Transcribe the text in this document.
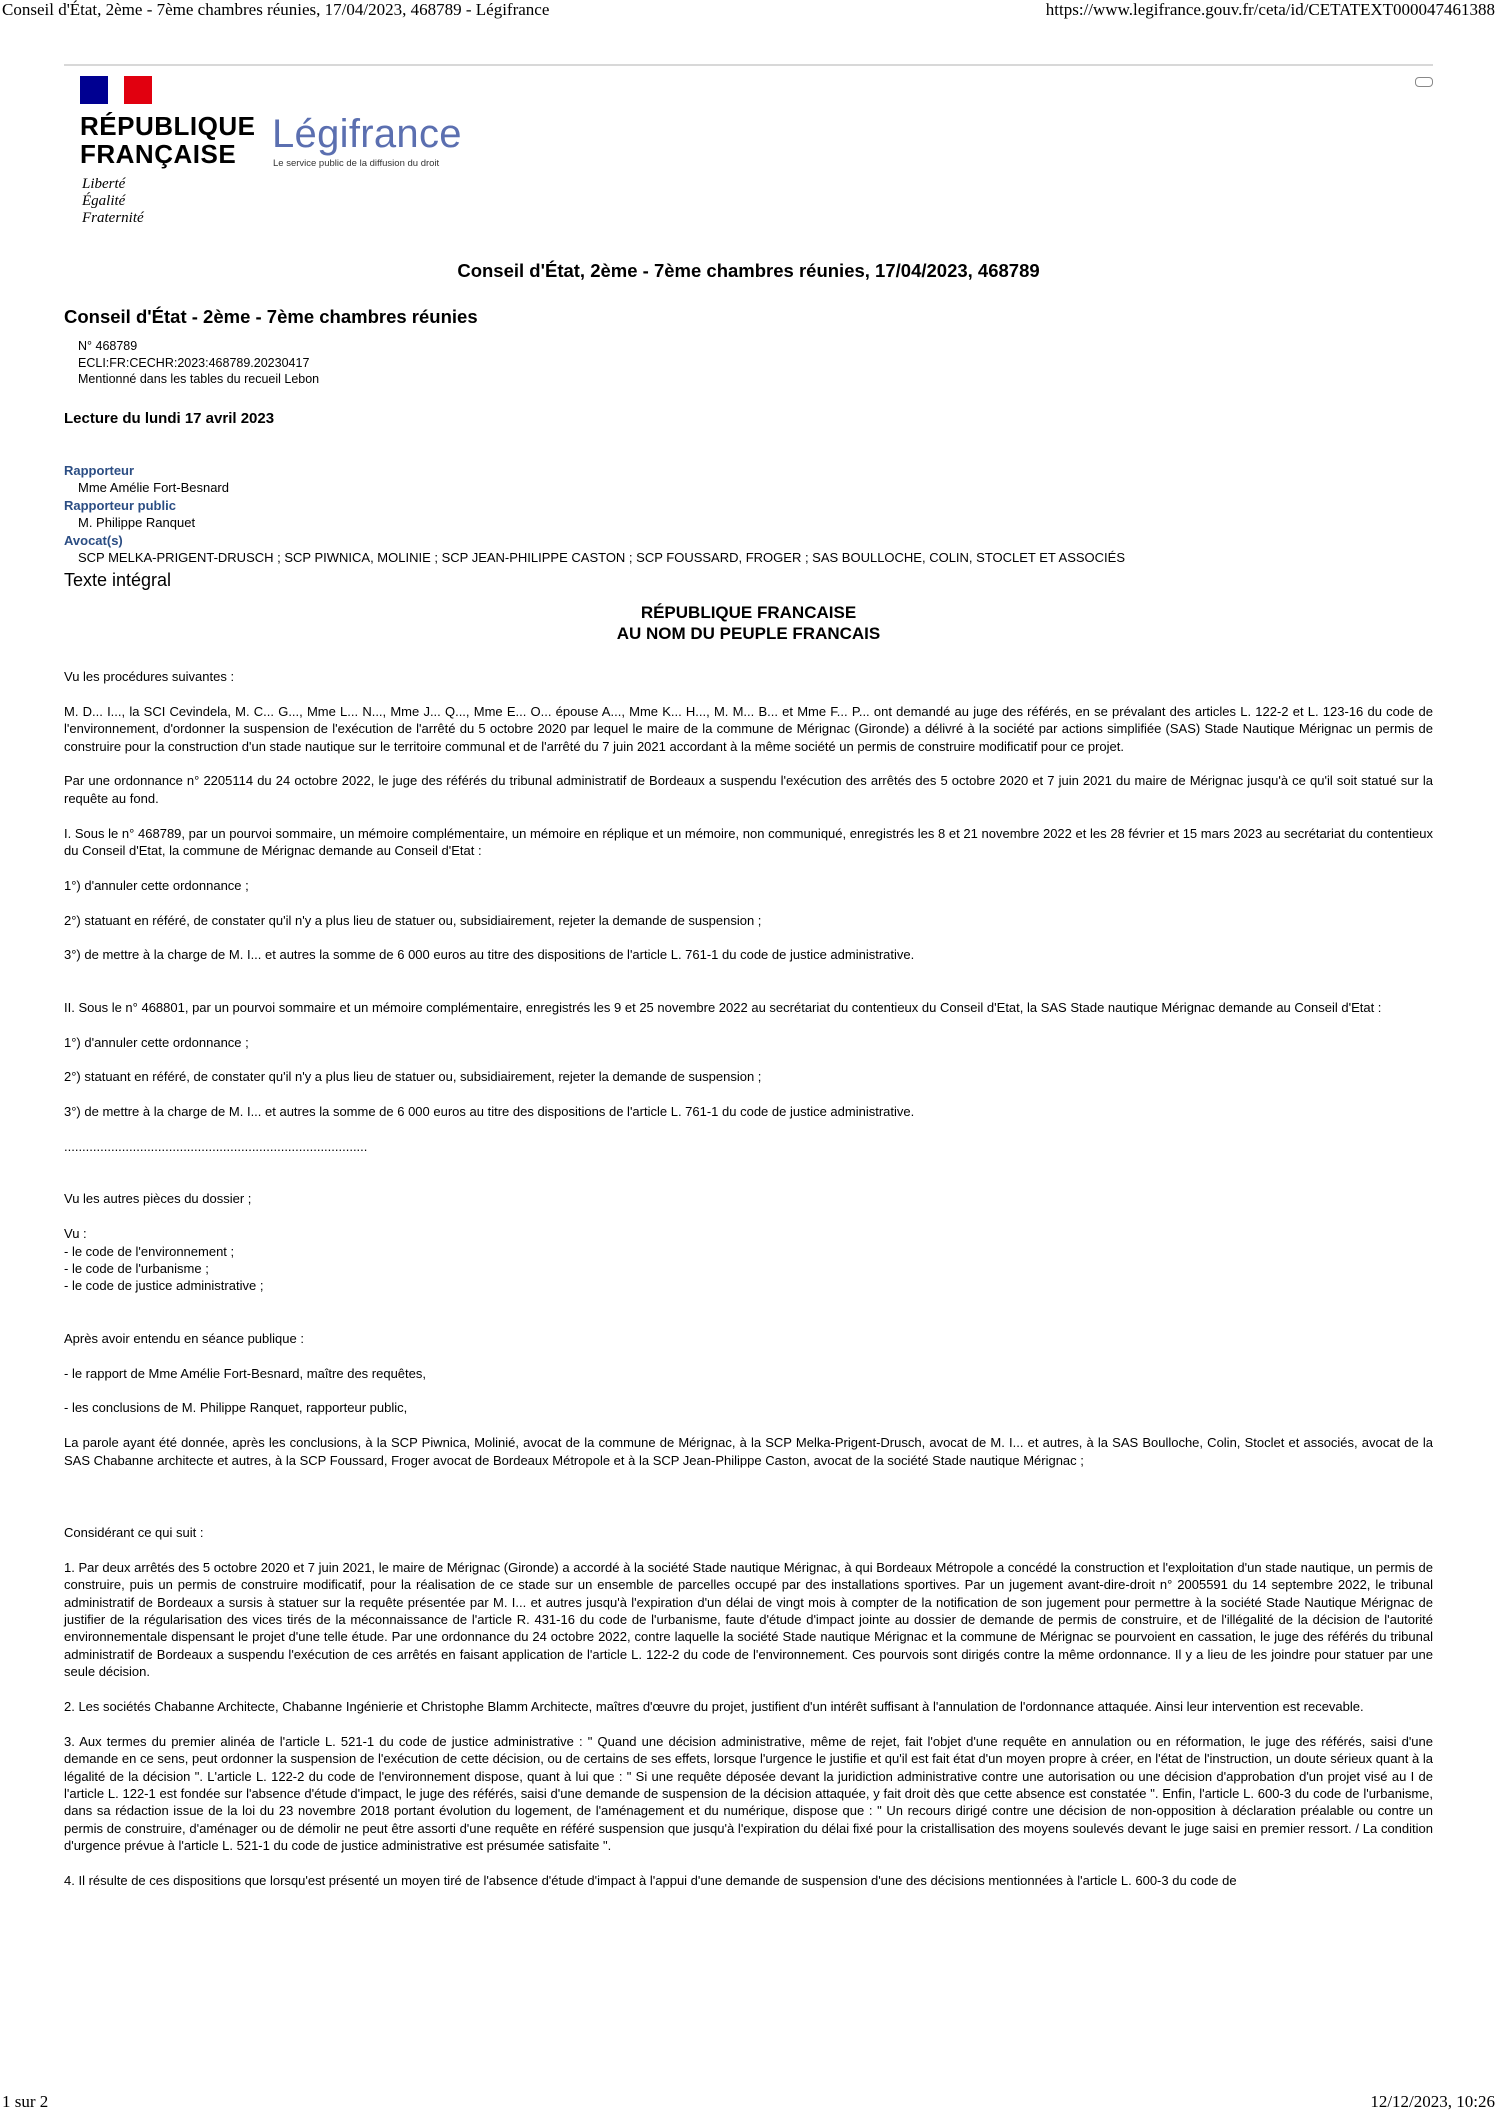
Conseil d'État, 2ème - 7ème chambres réunies, 17/04/2023, 468789 - Légifrance	https://www.legifrance.gouv.fr/ceta/id/CETATEXT000047461388
RÉPUBLIQUE
FRANÇAISE
Liberté
Égalité
Fraternité
Légifrance
Le service public de la diffusion du droit
Conseil d'État, 2ème - 7ème chambres réunies, 17/04/2023, 468789
Conseil d'État - 2ème - 7ème chambres réunies
N° 468789
ECLI:FR:CECHR:2023:468789.20230417
Mentionné dans les tables du recueil Lebon
Lecture du lundi 17 avril 2023
Rapporteur
Mme Amélie Fort-Besnard
Rapporteur public
M. Philippe Ranquet
Avocat(s)
SCP MELKA-PRIGENT-DRUSCH ; SCP PIWNICA, MOLINIE ; SCP JEAN-PHILIPPE CASTON ; SCP FOUSSARD, FROGER ; SAS BOULLOCHE, COLIN, STOCLET ET ASSOCIÉS
Texte intégral
RÉPUBLIQUE FRANCAISE
AU NOM DU PEUPLE FRANCAIS

Vu les procédures suivantes :

M. D... I..., la SCI Cevindela, M. C... G..., Mme L... N..., Mme J... Q..., Mme E... O... épouse A..., Mme K... H..., M. M... B... et Mme F... P... ont demandé au juge des référés, en se prévalant des articles L. 122-2 et L. 123-16 du code de l'environnement, d'ordonner la suspension de l'exécution de l'arrêté du 5 octobre 2020 par lequel le maire de la commune de Mérignac (Gironde) a délivré à la société par actions simplifiée (SAS) Stade Nautique Mérignac un permis de construire pour la construction d'un stade nautique sur le territoire communal et de l'arrêté du 7 juin 2021 accordant à la même société un permis de construire modificatif pour ce projet.

Par une ordonnance n° 2205114 du 24 octobre 2022, le juge des référés du tribunal administratif de Bordeaux a suspendu l'exécution des arrêtés des 5 octobre 2020 et 7 juin 2021 du maire de Mérignac jusqu'à ce qu'il soit statué sur la requête au fond.

I. Sous le n° 468789, par un pourvoi sommaire, un mémoire complémentaire, un mémoire en réplique et un mémoire, non communiqué, enregistrés les 8 et 21 novembre 2022 et les 28 février et 15 mars 2023 au secrétariat du contentieux du Conseil d'Etat, la commune de Mérignac demande au Conseil d'Etat :

1°) d'annuler cette ordonnance ;

2°) statuant en référé, de constater qu'il n'y a plus lieu de statuer ou, subsidiairement, rejeter la demande de suspension ;

3°) de mettre à la charge de M. I... et autres la somme de 6 000 euros au titre des dispositions de l'article L. 761-1 du code de justice administrative.

II. Sous le n° 468801, par un pourvoi sommaire et un mémoire complémentaire, enregistrés les 9 et 25 novembre 2022 au secrétariat du contentieux du Conseil d'Etat, la SAS Stade nautique Mérignac demande au Conseil d'Etat :

1°) d'annuler cette ordonnance ;

2°) statuant en référé, de constater qu'il n'y a plus lieu de statuer ou, subsidiairement, rejeter la demande de suspension ;

3°) de mettre à la charge de M. I... et autres la somme de 6 000 euros au titre des dispositions de l'article L. 761-1 du code de justice administrative.

....................................................................................

Vu les autres pièces du dossier ;

Vu :
- le code de l'environnement ;
- le code de l'urbanisme ;
- le code de justice administrative ;

Après avoir entendu en séance publique :

- le rapport de Mme Amélie Fort-Besnard, maître des requêtes,

- les conclusions de M. Philippe Ranquet, rapporteur public,

La parole ayant été donnée, après les conclusions, à la SCP Piwnica, Molinié, avocat de la commune de Mérignac, à la SCP Melka-Prigent-Drusch, avocat de M. I... et autres, à la SAS Boulloche, Colin, Stoclet et associés, avocat de la SAS Chabanne architecte et autres, à la SCP Foussard, Froger avocat de Bordeaux Métropole et à la SCP Jean-Philippe Caston, avocat de la société Stade nautique Mérignac ;

Considérant ce qui suit :

1. Par deux arrêtés des 5 octobre 2020 et 7 juin 2021, le maire de Mérignac (Gironde) a accordé à la société Stade nautique Mérignac, à qui Bordeaux Métropole a concédé la construction et l'exploitation d'un stade nautique, un permis de construire, puis un permis de construire modificatif, pour la réalisation de ce stade sur un ensemble de parcelles occupé par des installations sportives. Par un jugement avant-dire-droit n° 2005591 du 14 septembre 2022, le tribunal administratif de Bordeaux a sursis à statuer sur la requête présentée par M. I... et autres jusqu'à l'expiration d'un délai de vingt mois à compter de la notification de son jugement pour permettre à la société Stade Nautique Mérignac de justifier de la régularisation des vices tirés de la méconnaissance de l'article R. 431-16 du code de l'urbanisme, faute d'étude d'impact jointe au dossier de demande de permis de construire, et de l'illégalité de la décision de l'autorité environnementale dispensant le projet d'une telle étude. Par une ordonnance du 24 octobre 2022, contre laquelle la société Stade nautique Mérignac et la commune de Mérignac se pourvoient en cassation, le juge des référés du tribunal administratif de Bordeaux a suspendu l'exécution de ces arrêtés en faisant application de l'article L. 122-2 du code de l'environnement. Ces pourvois sont dirigés contre la même ordonnance. Il y a lieu de les joindre pour statuer par une seule décision.

2. Les sociétés Chabanne Architecte, Chabanne Ingénierie et Christophe Blamm Architecte, maîtres d'œuvre du projet, justifient d'un intérêt suffisant à l'annulation de l'ordonnance attaquée. Ainsi leur intervention est recevable.

3. Aux termes du premier alinéa de l'article L. 521-1 du code de justice administrative : " Quand une décision administrative, même de rejet, fait l'objet d'une requête en annulation ou en réformation, le juge des référés, saisi d'une demande en ce sens, peut ordonner la suspension de l'exécution de cette décision, ou de certains de ses effets, lorsque l'urgence le justifie et qu'il est fait état d'un moyen propre à créer, en l'état de l'instruction, un doute sérieux quant à la légalité de la décision ". L'article L. 122-2 du code de l'environnement dispose, quant à lui que : " Si une requête déposée devant la juridiction administrative contre une autorisation ou une décision d'approbation d'un projet visé au I de l'article L. 122-1 est fondée sur l'absence d'étude d'impact, le juge des référés, saisi d'une demande de suspension de la décision attaquée, y fait droit dès que cette absence est constatée ". Enfin, l'article L. 600-3 du code de l'urbanisme, dans sa rédaction issue de la loi du 23 novembre 2018 portant évolution du logement, de l'aménagement et du numérique, dispose que : " Un recours dirigé contre une décision de non-opposition à déclaration préalable ou contre un permis de construire, d'aménager ou de démolir ne peut être assorti d'une requête en référé suspension que jusqu'à l'expiration du délai fixé pour la cristallisation des moyens soulevés devant le juge saisi en premier ressort. / La condition d'urgence prévue à l'article L. 521-1 du code de justice administrative est présumée satisfaite ".

4. Il résulte de ces dispositions que lorsqu'est présenté un moyen tiré de l'absence d'étude d'impact à l'appui d'une demande de suspension d'une des décisions mentionnées à l'article L. 600-3 du code de

1 sur 2	12/12/2023, 10:26
